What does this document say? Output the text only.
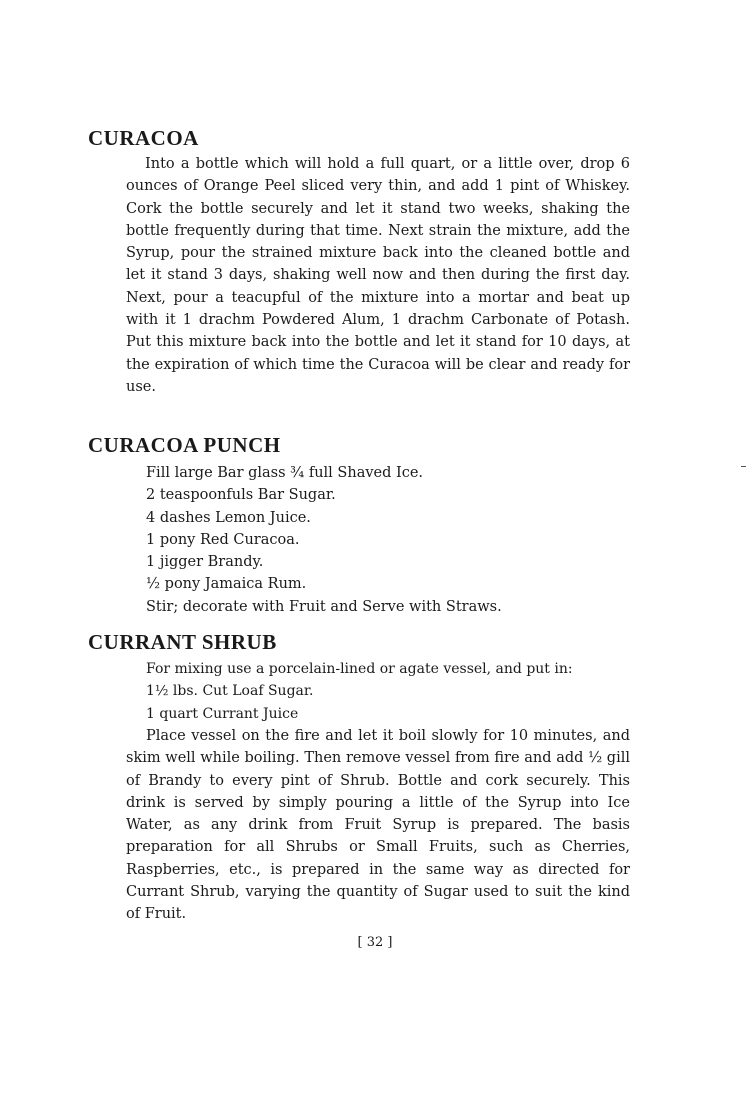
CURACOA

Into a bottle which will hold a full quart, or a little over, drop 6 ounces of Orange Peel sliced very thin, and add 1 pint of Whiskey. Cork the bottle securely and let it stand two weeks, shaking the bottle frequently during that time. Next strain the mixture, add the Syrup, pour the strained mixture back into the cleaned bottle and let it stand 3 days, shaking well now and then during the first day. Next, pour a teacupful of the mixture into a mortar and beat up with it 1 drachm Powdered Alum, 1 drachm Carbonate of Potash. Put this mixture back into the bottle and let it stand for 10 days, at the expiration of which time the Curacoa will be clear and ready for use.

CURACOA PUNCH
Fill large Bar glass ¾ full Shaved Ice.
2 teaspoonfuls Bar Sugar.
4 dashes Lemon Juice.
1 pony Red Curacoa.
1 jigger Brandy.
½ pony Jamaica Rum.
Stir; decorate with Fruit and Serve with Straws.
CURRANT SHRUB
For mixing use a porcelain-lined or agate vessel, and put in:
1½ lbs. Cut Loaf Sugar.
1 quart Currant Juice

Place vessel on the fire and let it boil slowly for 10 minutes, and skim well while boiling. Then remove vessel from fire and add ½ gill of Brandy to every pint of Shrub. Bottle and cork securely. This drink is served by simply pouring a little of the Syrup into Ice Water, as any drink from Fruit Syrup is prepared. The basis preparation for all Shrubs or Small Fruits, such as Cherries, Raspberries, etc., is prepared in the same way as directed for Currant Shrub, varying the quantity of Sugar used to suit the kind of Fruit.

[ 32 ]
